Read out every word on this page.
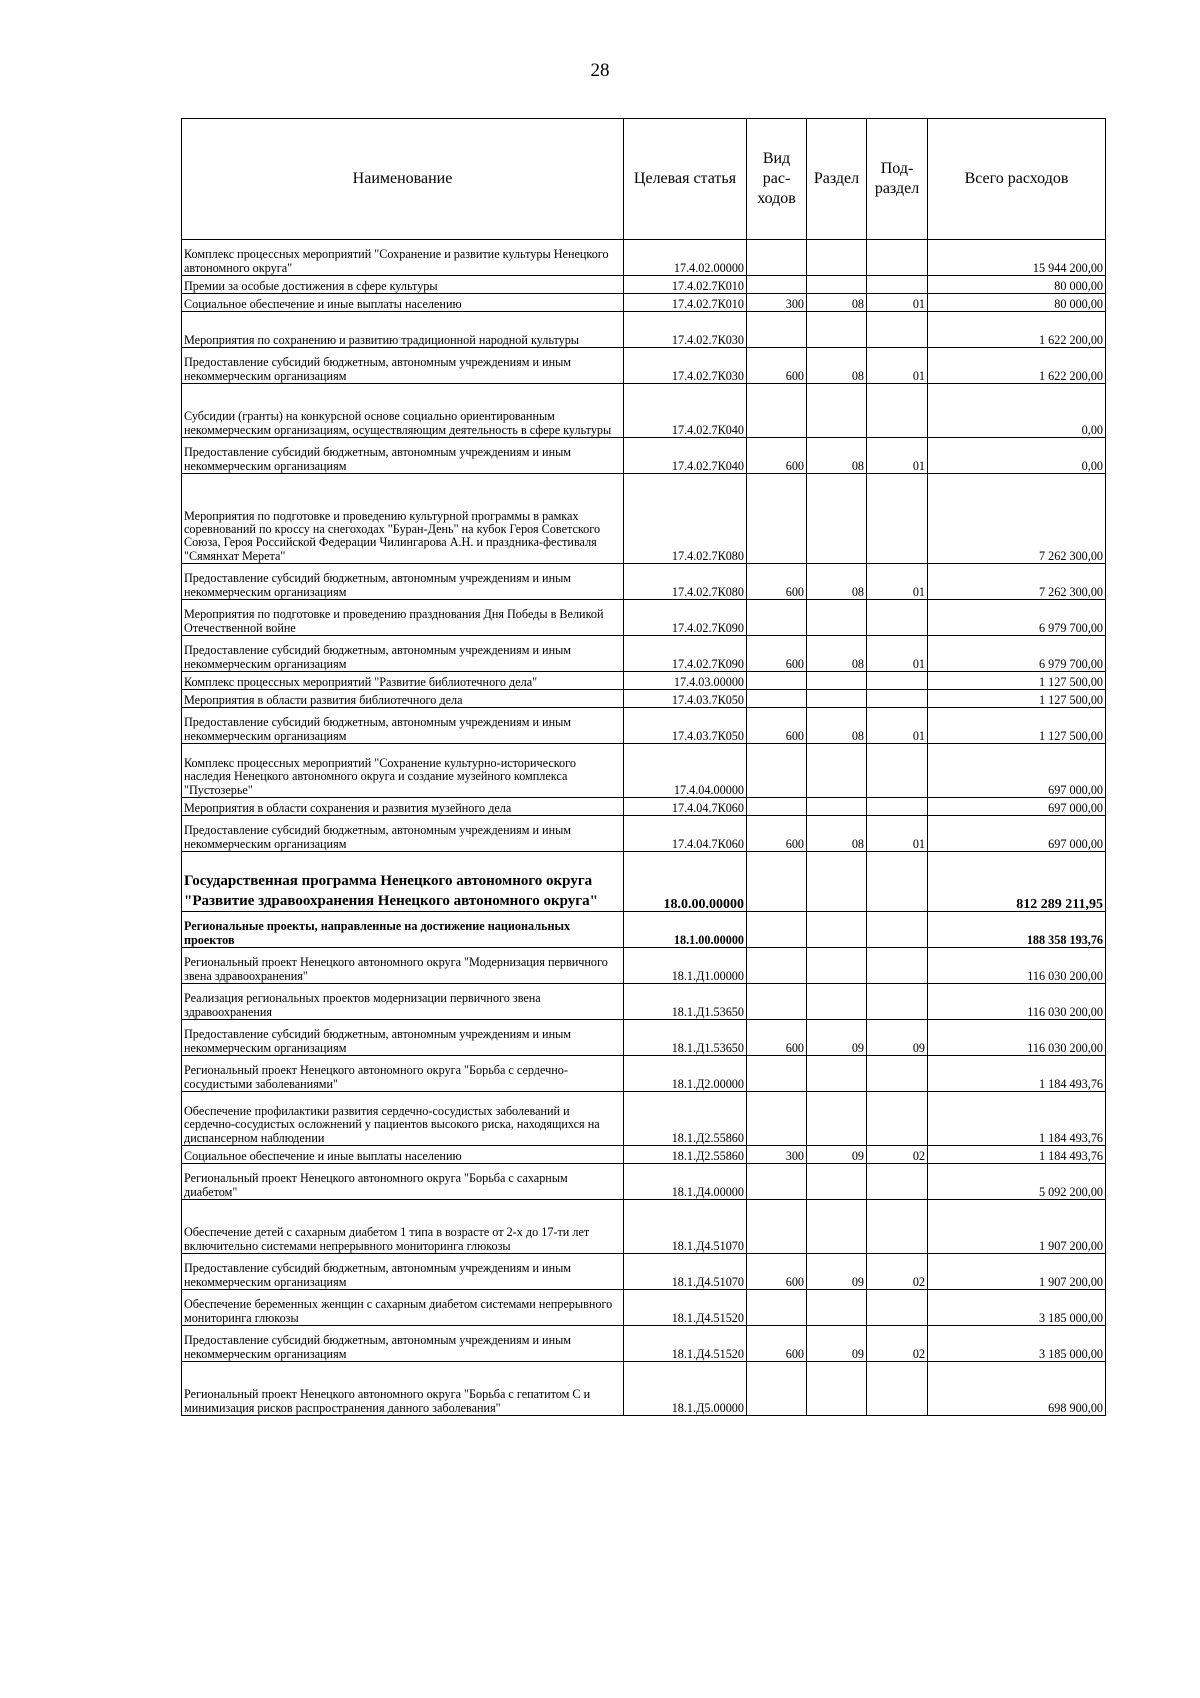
28
Наименование	Целевая статья	Вид рас- ходов	Раздел	Под- раздел	Всего расходов
Комплекс процессных мероприятий "Сохранение и развитие культуры Ненецкого автономного округа"	17.4.02.00000				15 944 200,00
Премии за особые достижения в сфере культуры	17.4.02.7К010				80 000,00
Социальное обеспечение и иные выплаты населению	17.4.02.7К010	300	08	01	80 000,00
Мероприятия по сохранению и развитию традиционной народной культуры	17.4.02.7К030				1 622 200,00
Предоставление субсидий бюджетным, автономным учреждениям и иным некоммерческим организациям	17.4.02.7К030	600	08	01	1 622 200,00
Субсидии (гранты) на конкурсной основе социально ориентированным некоммерческим организациям, осуществляющим деятельность в сфере культуры	17.4.02.7К040				0,00
Предоставление субсидий бюджетным, автономным учреждениям и иным некоммерческим организациям	17.4.02.7К040	600	08	01	0,00
Мероприятия по подготовке и проведению культурной программы в рамках соревнований по кроссу на снегоходах "Буран-День" на кубок Героя Советского Союза, Героя Российской Федерации Чилингарова А.Н. и праздника-фестиваля "Сямянхат Мерета"	17.4.02.7К080				7 262 300,00
Предоставление субсидий бюджетным, автономным учреждениям и иным некоммерческим организациям	17.4.02.7К080	600	08	01	7 262 300,00
Мероприятия по подготовке и проведению празднования Дня Победы в Великой Отечественной войне	17.4.02.7К090				6 979 700,00
Предоставление субсидий бюджетным, автономным учреждениям и иным некоммерческим организациям	17.4.02.7К090	600	08	01	6 979 700,00
Комплекс процессных мероприятий "Развитие библиотечного дела"	17.4.03.00000				1 127 500,00
Мероприятия в области развития библиотечного дела	17.4.03.7К050				1 127 500,00
Предоставление субсидий бюджетным, автономным учреждениям и иным некоммерческим организациям	17.4.03.7К050	600	08	01	1 127 500,00
Комплекс процессных мероприятий "Сохранение культурно-исторического наследия Ненецкого автономного округа и создание музейного комплекса "Пустозерье"	17.4.04.00000				697 000,00
Мероприятия в области сохранения и развития музейного дела	17.4.04.7К060				697 000,00
Предоставление субсидий бюджетным, автономным учреждениям и иным некоммерческим организациям	17.4.04.7К060	600	08	01	697 000,00
Государственная программа Ненецкого автономного округа "Развитие здравоохранения Ненецкого автономного округа"	18.0.00.00000				812 289 211,95
Региональные проекты, направленные на достижение национальных проектов	18.1.00.00000				188 358 193,76
Региональный проект Ненецкого автономного округа "Модернизация первичного звена здравоохранения"	18.1.Д1.00000				116 030 200,00
Реализация региональных проектов модернизации первичного звена здравоохранения	18.1.Д1.53650				116 030 200,00
Предоставление субсидий бюджетным, автономным учреждениям и иным некоммерческим организациям	18.1.Д1.53650	600	09	09	116 030 200,00
Региональный проект Ненецкого автономного округа "Борьба с сердечно-сосудистыми заболеваниями"	18.1.Д2.00000				1 184 493,76
Обеспечение профилактики развития сердечно-сосудистых заболеваний и сердечно-сосудистых осложнений у пациентов высокого риска, находящихся на диспансерном наблюдении	18.1.Д2.55860				1 184 493,76
Социальное обеспечение и иные выплаты населению	18.1.Д2.55860	300	09	02	1 184 493,76
Региональный проект Ненецкого автономного округа "Борьба с сахарным диабетом"	18.1.Д4.00000				5 092 200,00
Обеспечение детей с сахарным диабетом 1 типа в возрасте от 2-х до 17-ти лет включительно системами непрерывного мониторинга глюкозы	18.1.Д4.51070				1 907 200,00
Предоставление субсидий бюджетным, автономным учреждениям и иным некоммерческим организациям	18.1.Д4.51070	600	09	02	1 907 200,00
Обеспечение беременных женщин с сахарным диабетом системами непрерывного мониторинга глюкозы	18.1.Д4.51520				3 185 000,00
Предоставление субсидий бюджетным, автономным учреждениям и иным некоммерческим организациям	18.1.Д4.51520	600	09	02	3 185 000,00
Региональный проект Ненецкого автономного округа "Борьба с гепатитом С и минимизация рисков распространения данного заболевания"	18.1.Д5.00000				698 900,00
